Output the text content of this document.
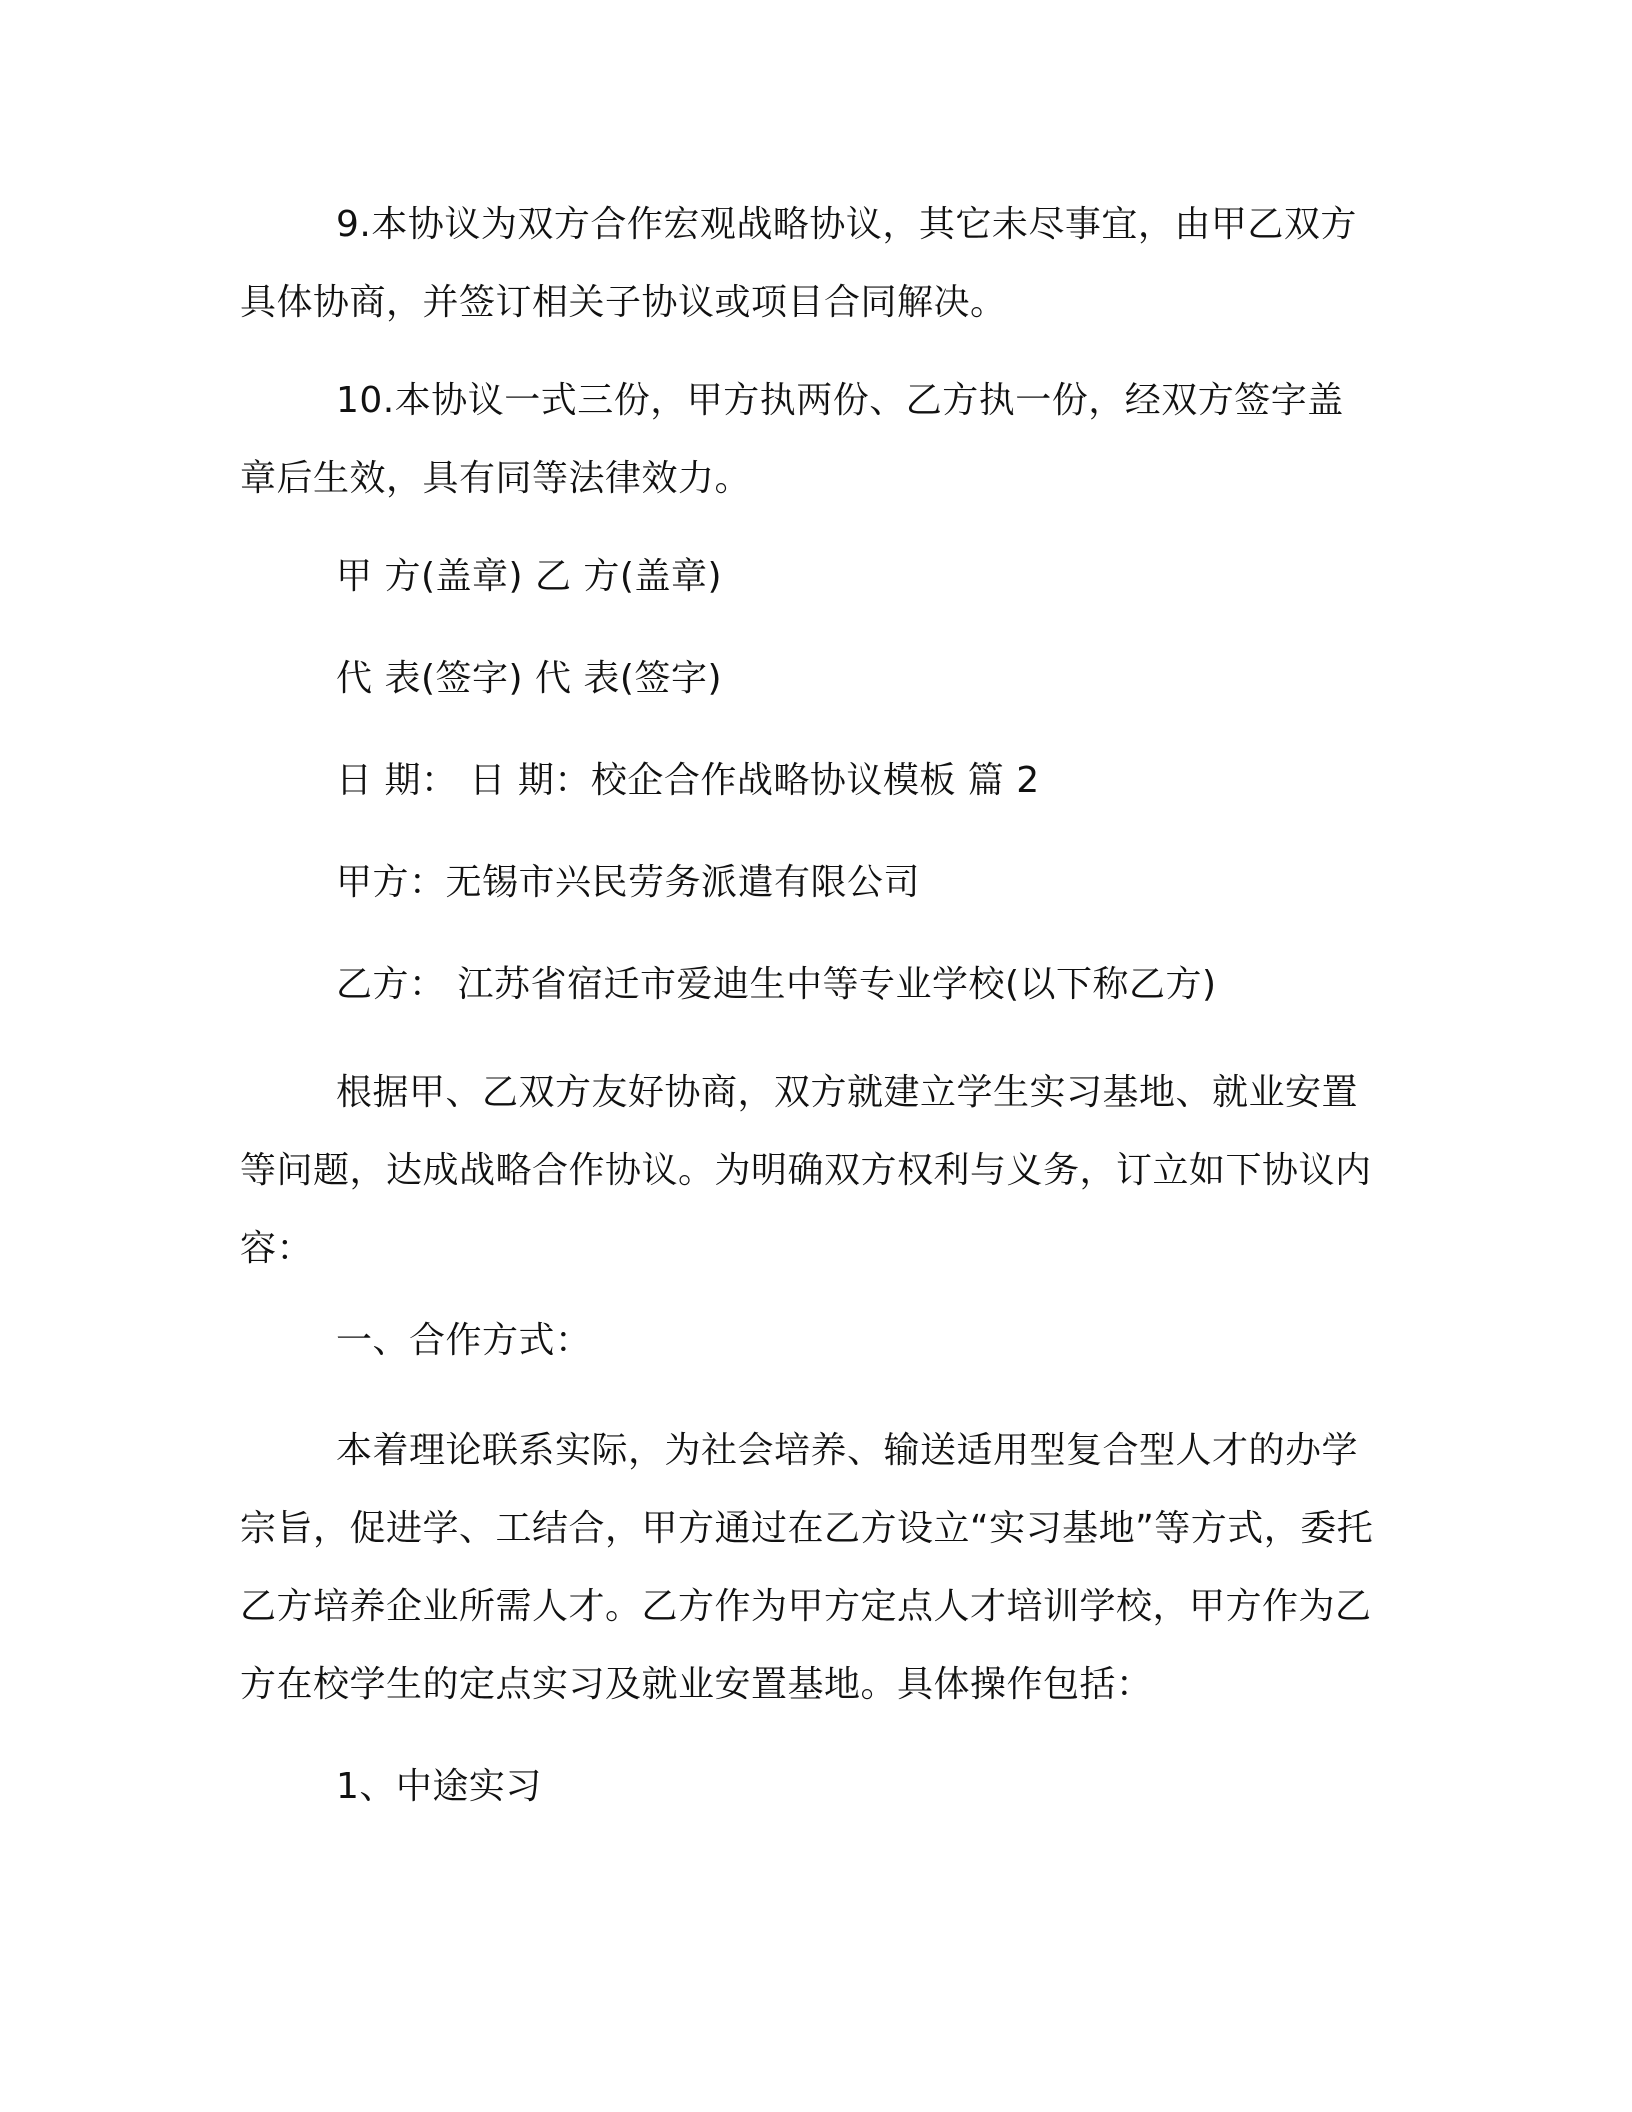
9.本协议为双方合作宏观战略协议，其它未尽事宜，由甲乙双方具体协商，并签订相关子协议或项目合同解决。

10.本协议一式三份，甲方执两份、乙方执一份，经双方签字盖章后生效，具有同等法律效力。

甲 方(盖章) 乙 方(盖章)

代 表(签字) 代 表(签字)

日 期： 日 期：校企合作战略协议模板 篇 2

甲方：无锡市兴民劳务派遣有限公司

乙方： 江苏省宿迁市爱迪生中等专业学校(以下称乙方)

根据甲、乙双方友好协商，双方就建立学生实习基地、就业安置等问题，达成战略合作协议。为明确双方权利与义务，订立如下协议内容：

一、合作方式：

本着理论联系实际，为社会培养、输送适用型复合型人才的办学宗旨，促进学、工结合，甲方通过在乙方设立“实习基地”等方式，委托乙方培养企业所需人才。乙方作为甲方定点人才培训学校，甲方作为乙方在校学生的定点实习及就业安置基地。具体操作包括：

1、中途实习
